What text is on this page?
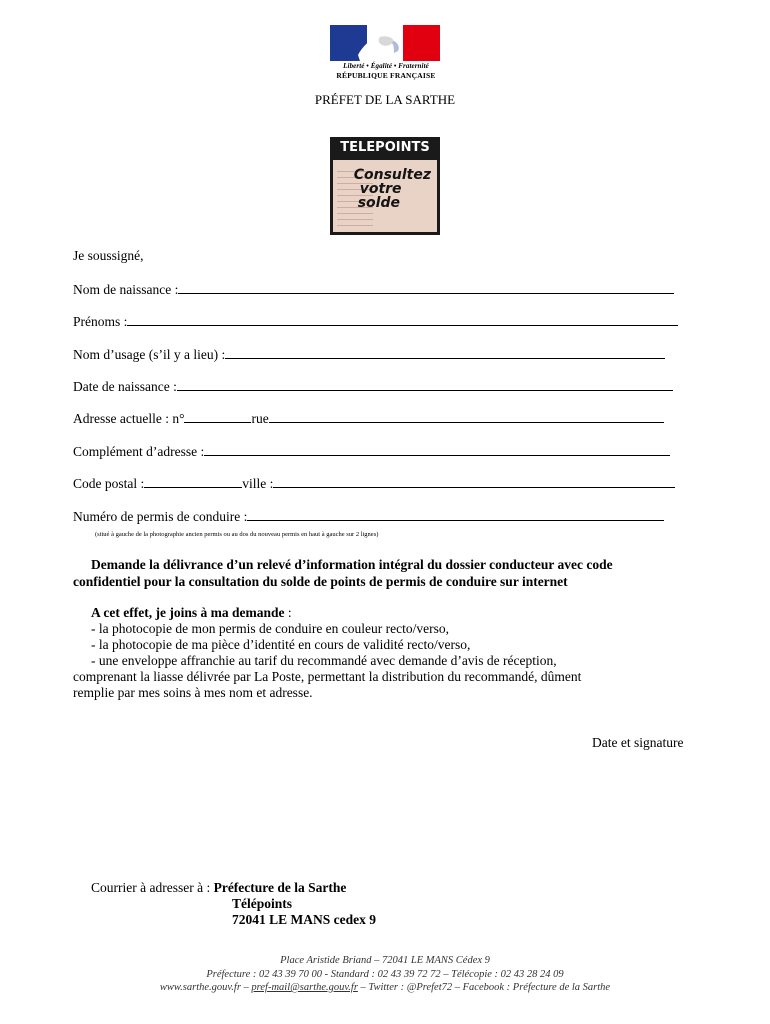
Liberté • Égalité • Fraternité
RÉPUBLIQUE FRANÇAISE
PRÉFET DE LA SARTHE
TELEPOINTS
Consultez
votre
solde
Je soussigné,
Nom de naissance :
Prénoms :
Nom d’usage (s’il y a lieu) :
Date de naissance :
Adresse actuelle : n°	rue
Complément d’adresse :
Code postal :	ville :
Numéro de permis de conduire :
(situé à gauche de la photographie ancien permis ou au dos du nouveau permis en haut à gauche sur 2 lignes)
Demande la délivrance d’un relevé d’information intégral du dossier conducteur avec code
confidentiel pour la consultation du solde de points de permis de conduire sur internet
A cet effet, je joins à ma demande :
- la photocopie de mon permis de conduire en couleur recto/verso,
- la photocopie de ma pièce d’identité en cours de validité recto/verso,
- une enveloppe affranchie au tarif du recommandé avec demande d’avis de réception,
comprenant la liasse délivrée par La Poste, permettant la distribution du recommandé, dûment
remplie par mes soins à mes nom et adresse.
Date et signature
Courrier à adresser à : Préfecture de la Sarthe
Télépoints
72041 LE MANS cedex 9
Place Aristide Briand – 72041 LE MANS Cédex 9
Préfecture : 02 43 39 70 00 - Standard : 02 43 39 72 72 – Télécopie : 02 43 28 24 09
www.sarthe.gouv.fr – pref-mail@sarthe.gouv.fr – Twitter : @Prefet72 – Facebook : Préfecture de la Sarthe
